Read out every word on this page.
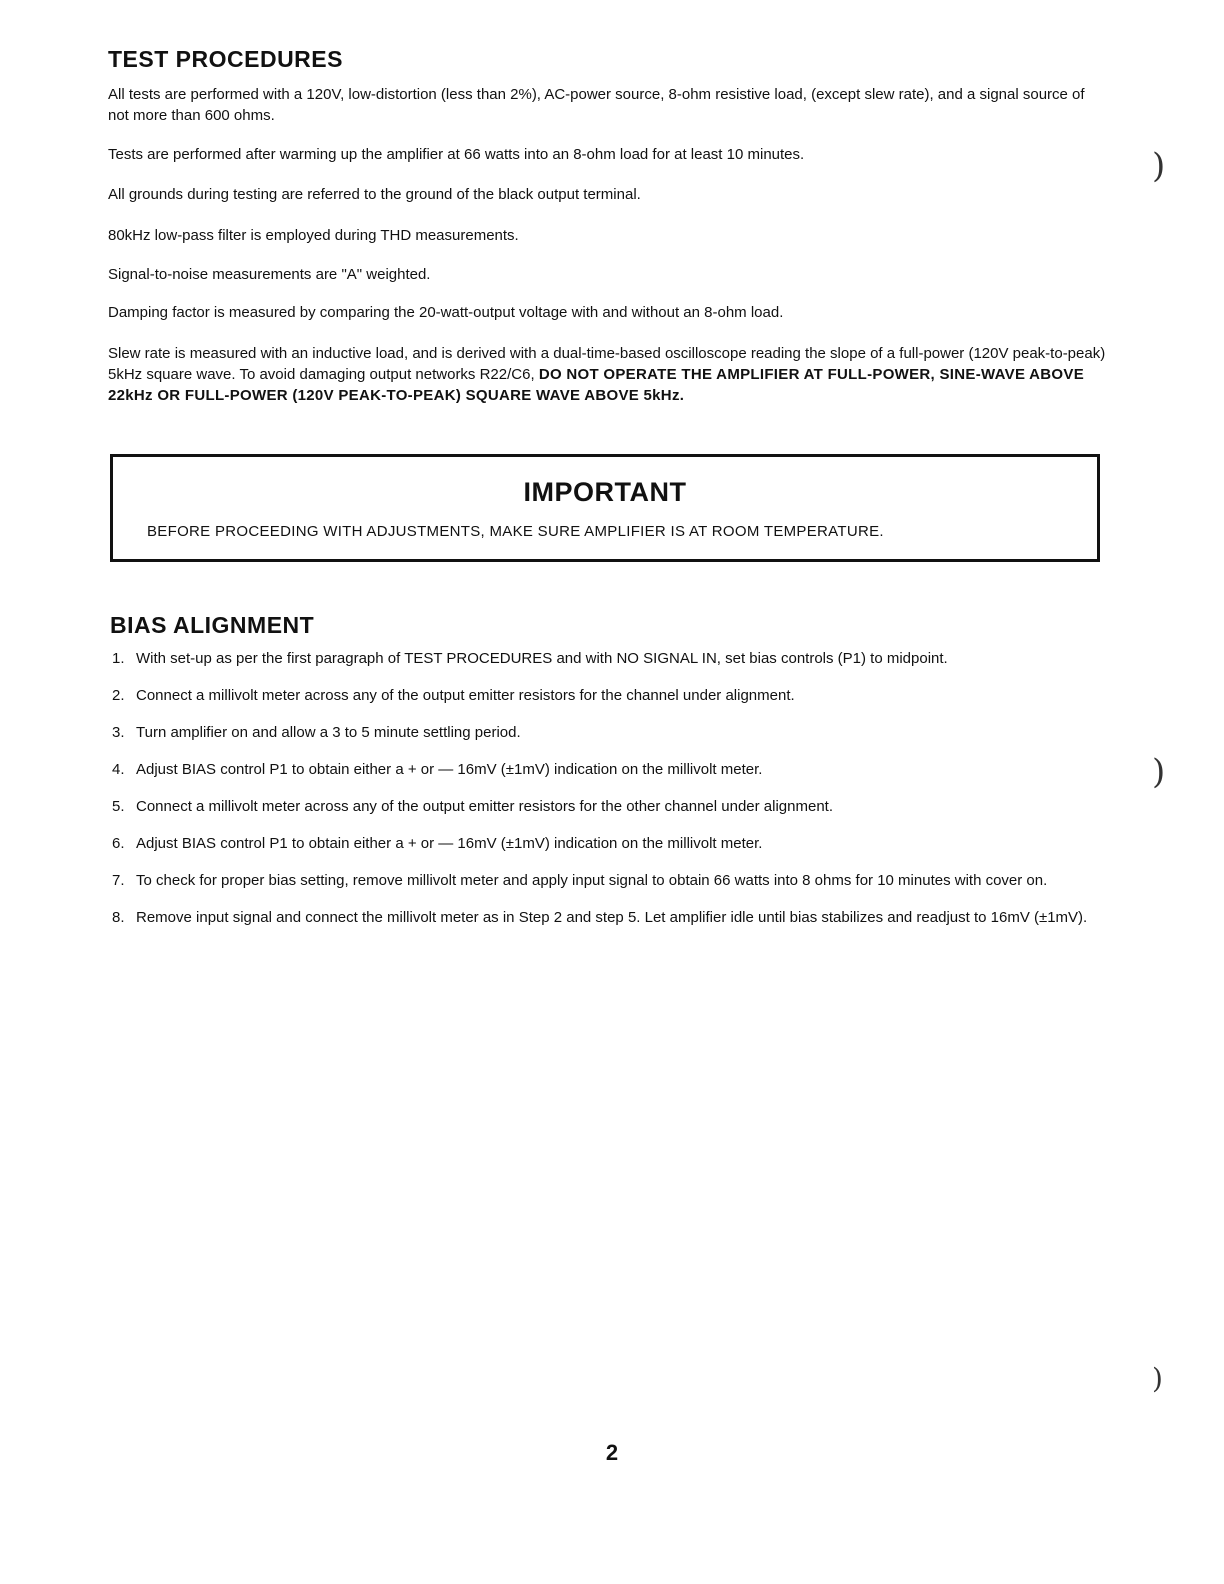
TEST PROCEDURES

All tests are performed with a 120V, low-distortion (less than 2%), AC-power source, 8-ohm resistive load, (except slew rate), and a signal source of not more than 600 ohms.

Tests are performed after warming up the amplifier at 66 watts into an 8-ohm load for at least 10 minutes.

All grounds during testing are referred to the ground of the black output terminal.

80kHz low-pass filter is employed during THD measurements.

Signal-to-noise measurements are "A" weighted.

Damping factor is measured by comparing the 20-watt-output voltage with and without an 8-ohm load.

Slew rate is measured with an inductive load, and is derived with a dual-time-based oscilloscope reading the slope of a full-power (120V peak-to-peak) 5kHz square wave. To avoid damaging output networks R22/C6, DO NOT OPERATE THE AMPLIFIER AT FULL-POWER, SINE-WAVE ABOVE 22kHz OR FULL-POWER (120V PEAK-TO-PEAK) SQUARE WAVE ABOVE 5kHz.

IMPORTANT

BEFORE PROCEEDING WITH ADJUSTMENTS, MAKE SURE AMPLIFIER IS AT ROOM TEMPERATURE.

BIAS ALIGNMENT
1. With set-up as per the first paragraph of TEST PROCEDURES and with NO SIGNAL IN, set bias controls (P1) to midpoint.
2. Connect a millivolt meter across any of the output emitter resistors for the channel under alignment.
3. Turn amplifier on and allow a 3 to 5 minute settling period.
4. Adjust BIAS control P1 to obtain either a + or — 16mV (±1mV) indication on the millivolt meter.
5. Connect a millivolt meter across any of the output emitter resistors for the other channel under alignment.
6. Adjust BIAS control P1 to obtain either a + or — 16mV (±1mV) indication on the millivolt meter.
7. To check for proper bias setting, remove millivolt meter and apply input signal to obtain 66 watts into 8 ohms for 10 minutes with cover on.
8. Remove input signal and connect the millivolt meter as in Step 2 and step 5. Let amplifier idle until bias stabilizes and readjust to 16mV (±1mV).

2

)
)
)
